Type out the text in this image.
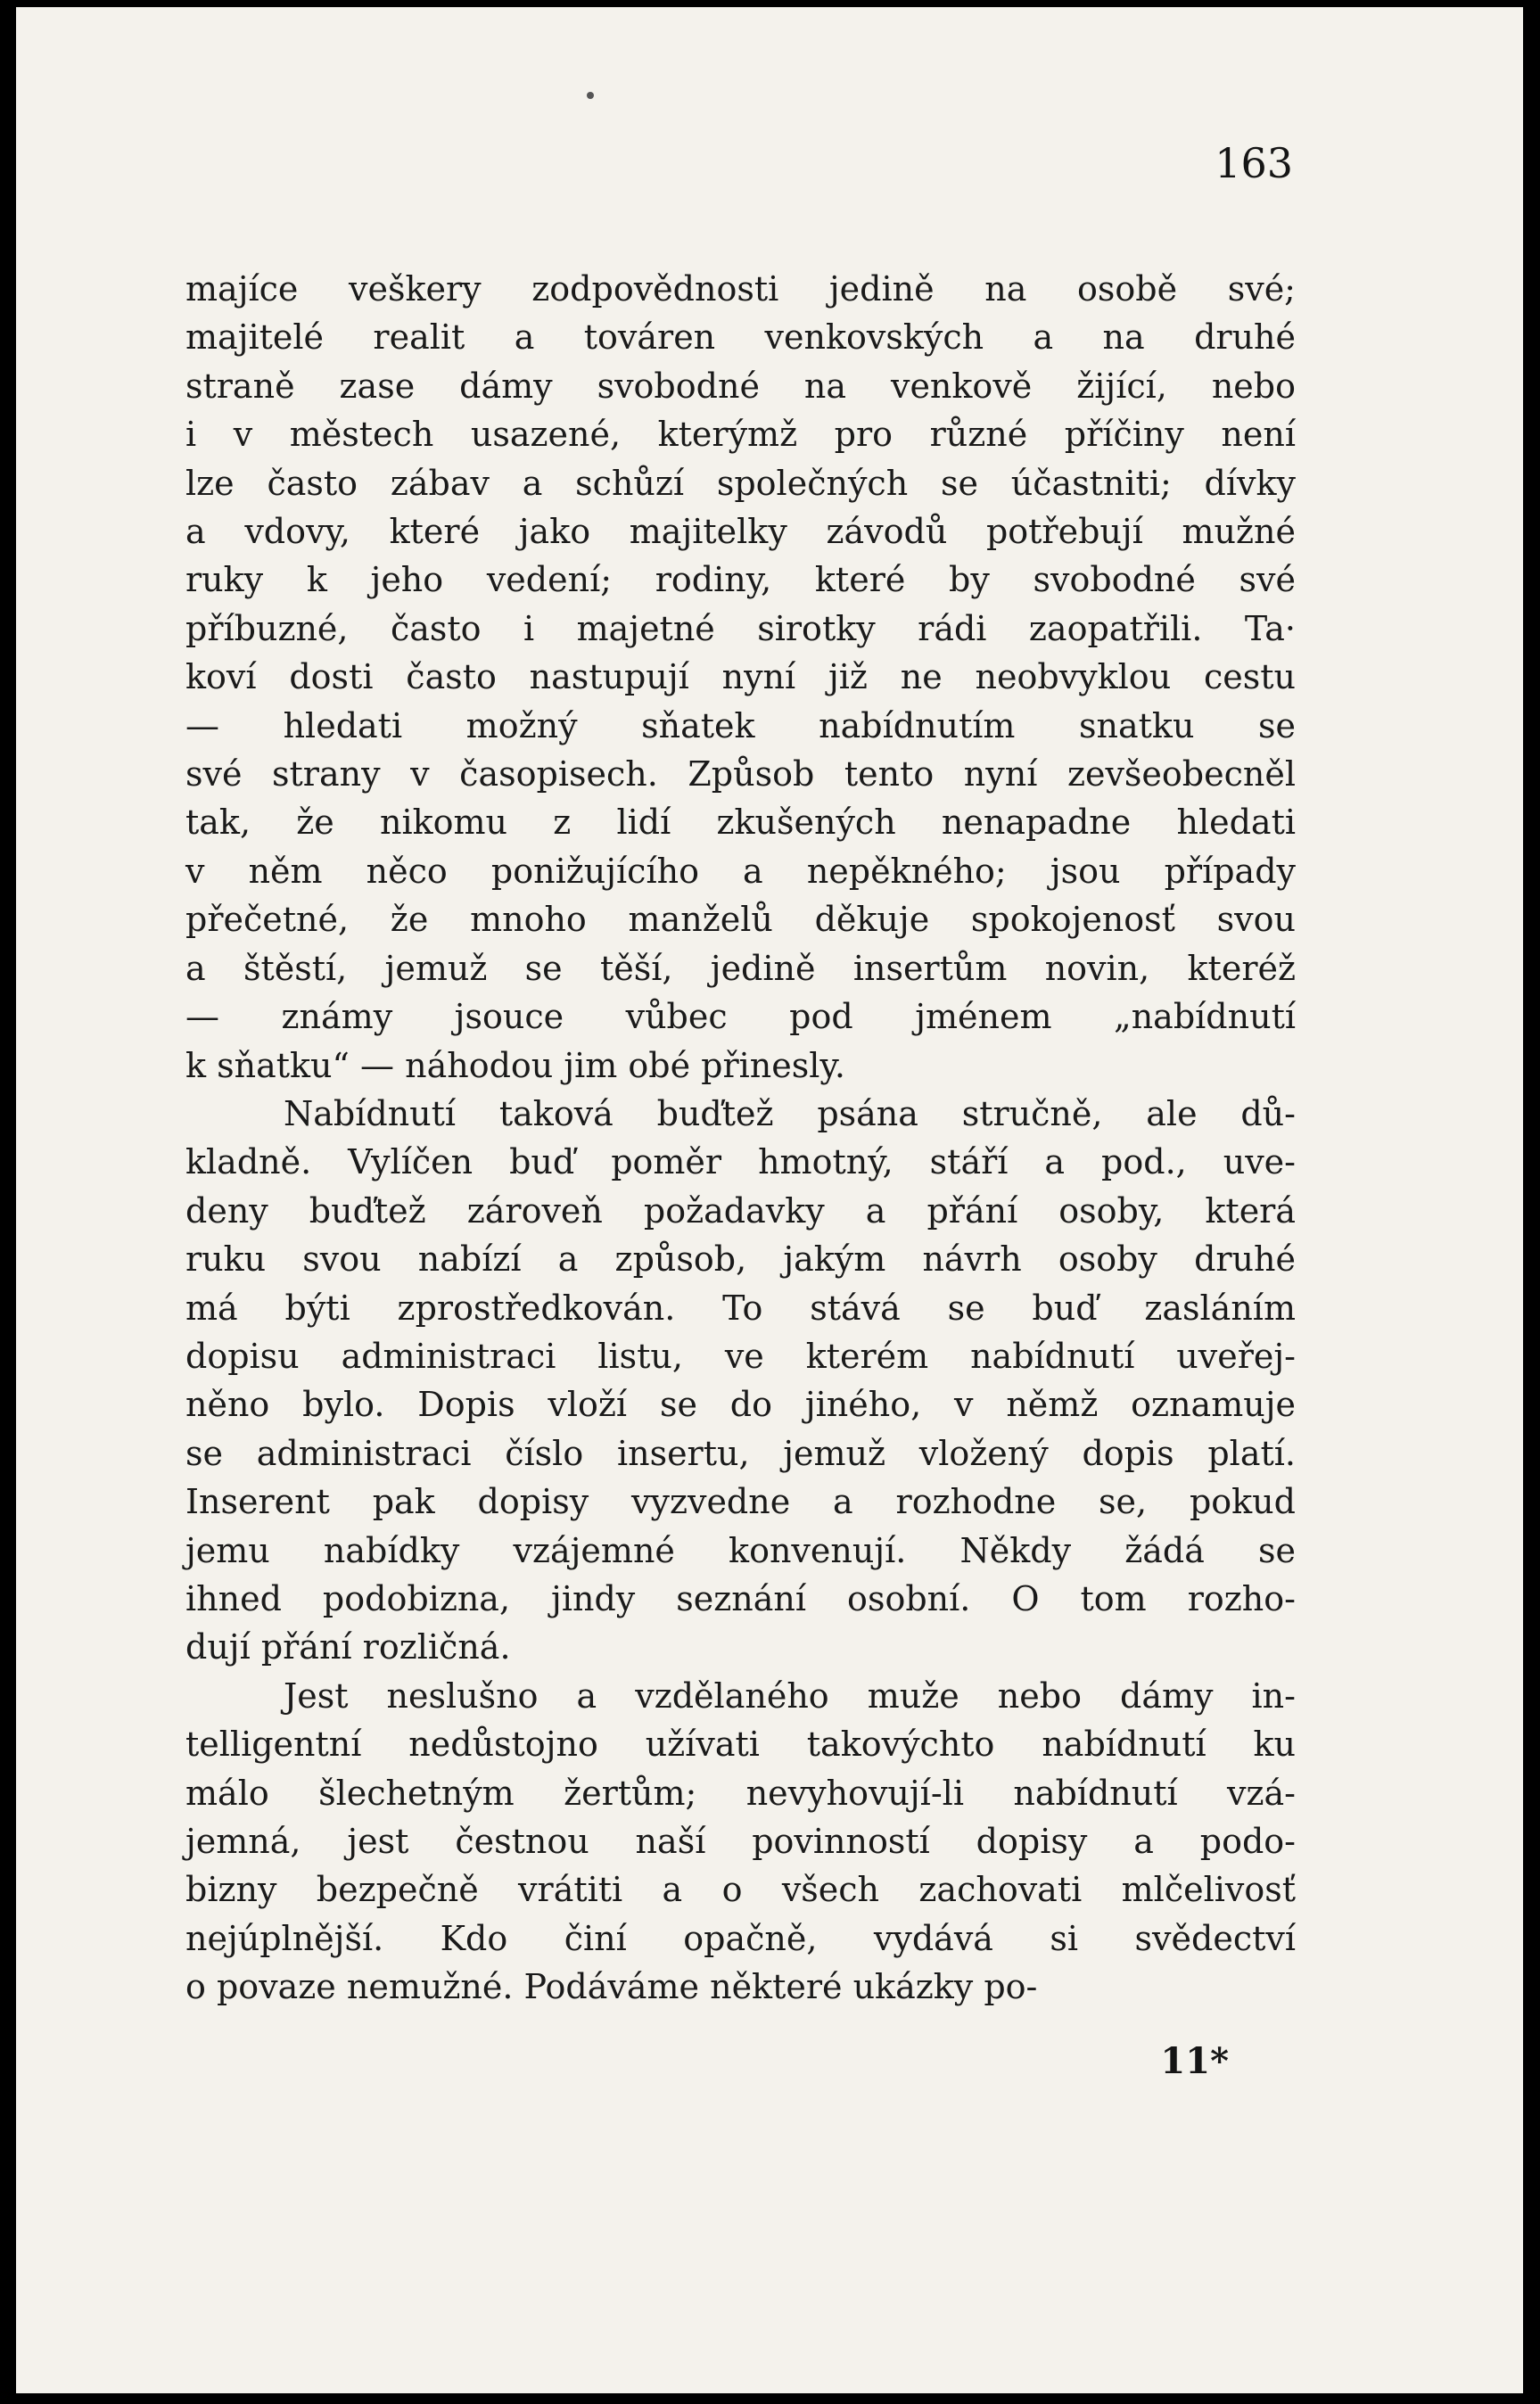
163
majíce veškery zodpovědnosti jedině na osobě své;
majitelé realit a továren venkovských a na druhé
straně zase dámy svobodné na venkově žijící, nebo
i v městech usazené, kterýmž pro různé příčiny není
lze často zábav a schůzí společných se účastniti; dívky
a vdovy, které jako majitelky závodů potřebují mužné
ruky k jeho vedení; rodiny, které by svobodné své
příbuzné, často i majetné sirotky rádi zaopatřili. Ta·
koví dosti často nastupují nyní již ne neobvyklou cestu
— hledati možný sňatek nabídnutím snatku se
své strany v časopisech. Způsob tento nyní zevšeobecněl
tak, že nikomu z lidí zkušených nenapadne hledati
v něm něco ponižujícího a nepěkného; jsou případy
přečetné, že mnoho manželů děkuje spokojenosť svou
a štěstí, jemuž se těší, jedině insertům novin, kteréž
— známy jsouce vůbec pod jménem „nabídnutí
k sňatku“ — náhodou jim obé přinesly.
Nabídnutí taková buďtež psána stručně, ale dů-
kladně. Vylíčen buď poměr hmotný, stáří a pod., uve-
deny buďtež zároveň požadavky a přání osoby, která
ruku svou nabízí a způsob, jakým návrh osoby druhé
má býti zprostředkován. To stává se buď zasláním
dopisu administraci listu, ve kterém nabídnutí uveřej-
něno bylo. Dopis vloží se do jiného, v němž oznamuje
se administraci číslo insertu, jemuž vložený dopis platí.
Inserent pak dopisy vyzvedne a rozhodne se, pokud
jemu nabídky vzájemné konvenují. Někdy žádá se
ihned podobizna, jindy seznání osobní. O tom rozho-
dují přání rozličná.
Jest neslušno a vzdělaného muže nebo dámy in-
telligentní nedůstojno užívati takovýchto nabídnutí ku
málo šlechetným žertům; nevyhovují-li nabídnutí vzá-
jemná, jest čestnou naší povinností dopisy a podo-
bizny bezpečně vrátiti a o všech zachovati mlčelivosť
nejúplnější. Kdo činí opačně, vydává si svědectví
o povaze nemužné. Podáváme některé ukázky po-
11*
